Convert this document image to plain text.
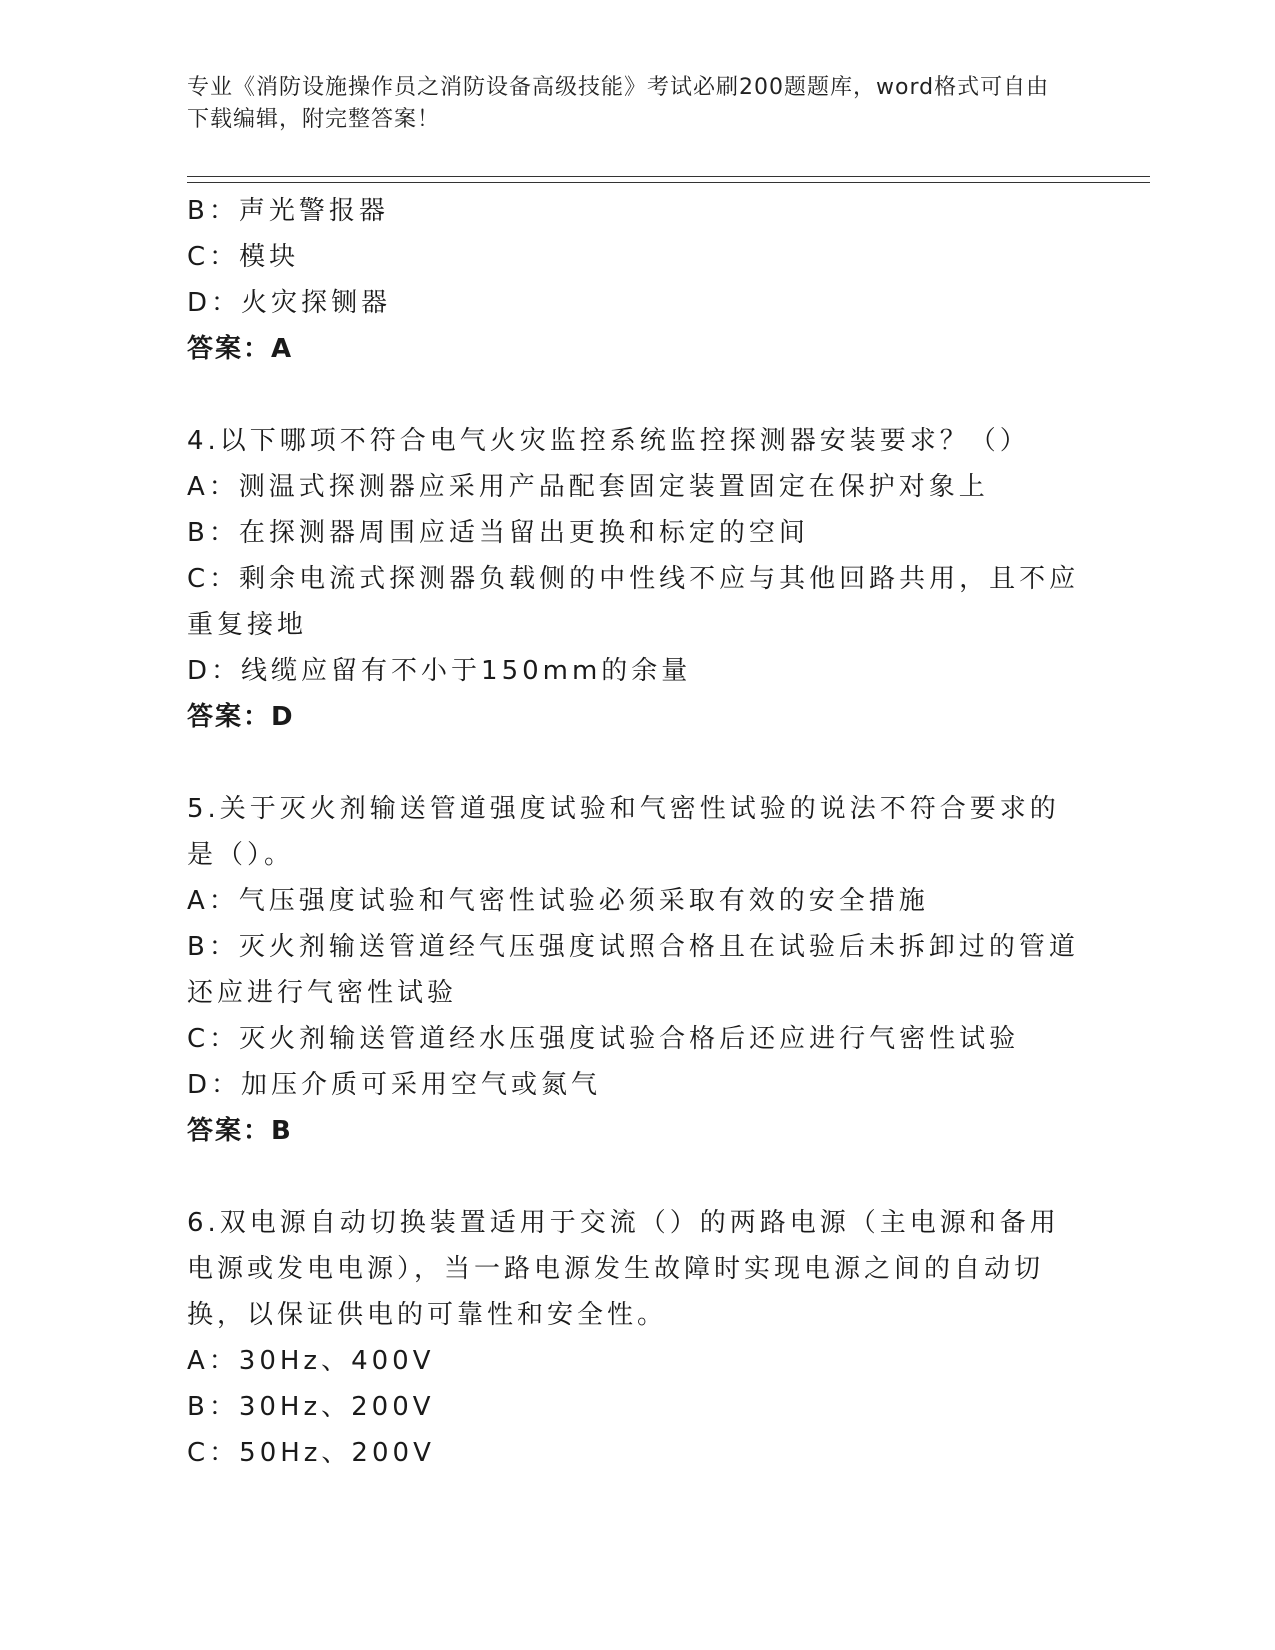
专业《消防设施操作员之消防设备高级技能》考试必刷200题题库，word格式可自由下载编辑，附完整答案！

B：声光警报器

C：模块

D：火灾探铡器

答案：A

4.以下哪项不符合电气火灾监控系统监控探测器安装要求？（）

A：测温式探测器应采用产品配套固定装置固定在保护对象上

B：在探测器周围应适当留出更换和标定的空间

C：剩余电流式探测器负载侧的中性线不应与其他回路共用，且不应重复接地

D：线缆应留有不小于150mm的余量

答案：D

5.关于灭火剂输送管道强度试验和气密性试验的说法不符合要求的是（）。

A：气压强度试验和气密性试验必须采取有效的安全措施

B：灭火剂输送管道经气压强度试照合格且在试验后未拆卸过的管道还应进行气密性试验

C：灭火剂输送管道经水压强度试验合格后还应进行气密性试验

D：加压介质可采用空气或氮气

答案：B

6.双电源自动切换装置适用于交流（）的两路电源（主电源和备用电源或发电电源），当一路电源发生故障时实现电源之间的自动切换，以保证供电的可靠性和安全性。

A：30Hz、400V

B：30Hz、200V

C：50Hz、200V
